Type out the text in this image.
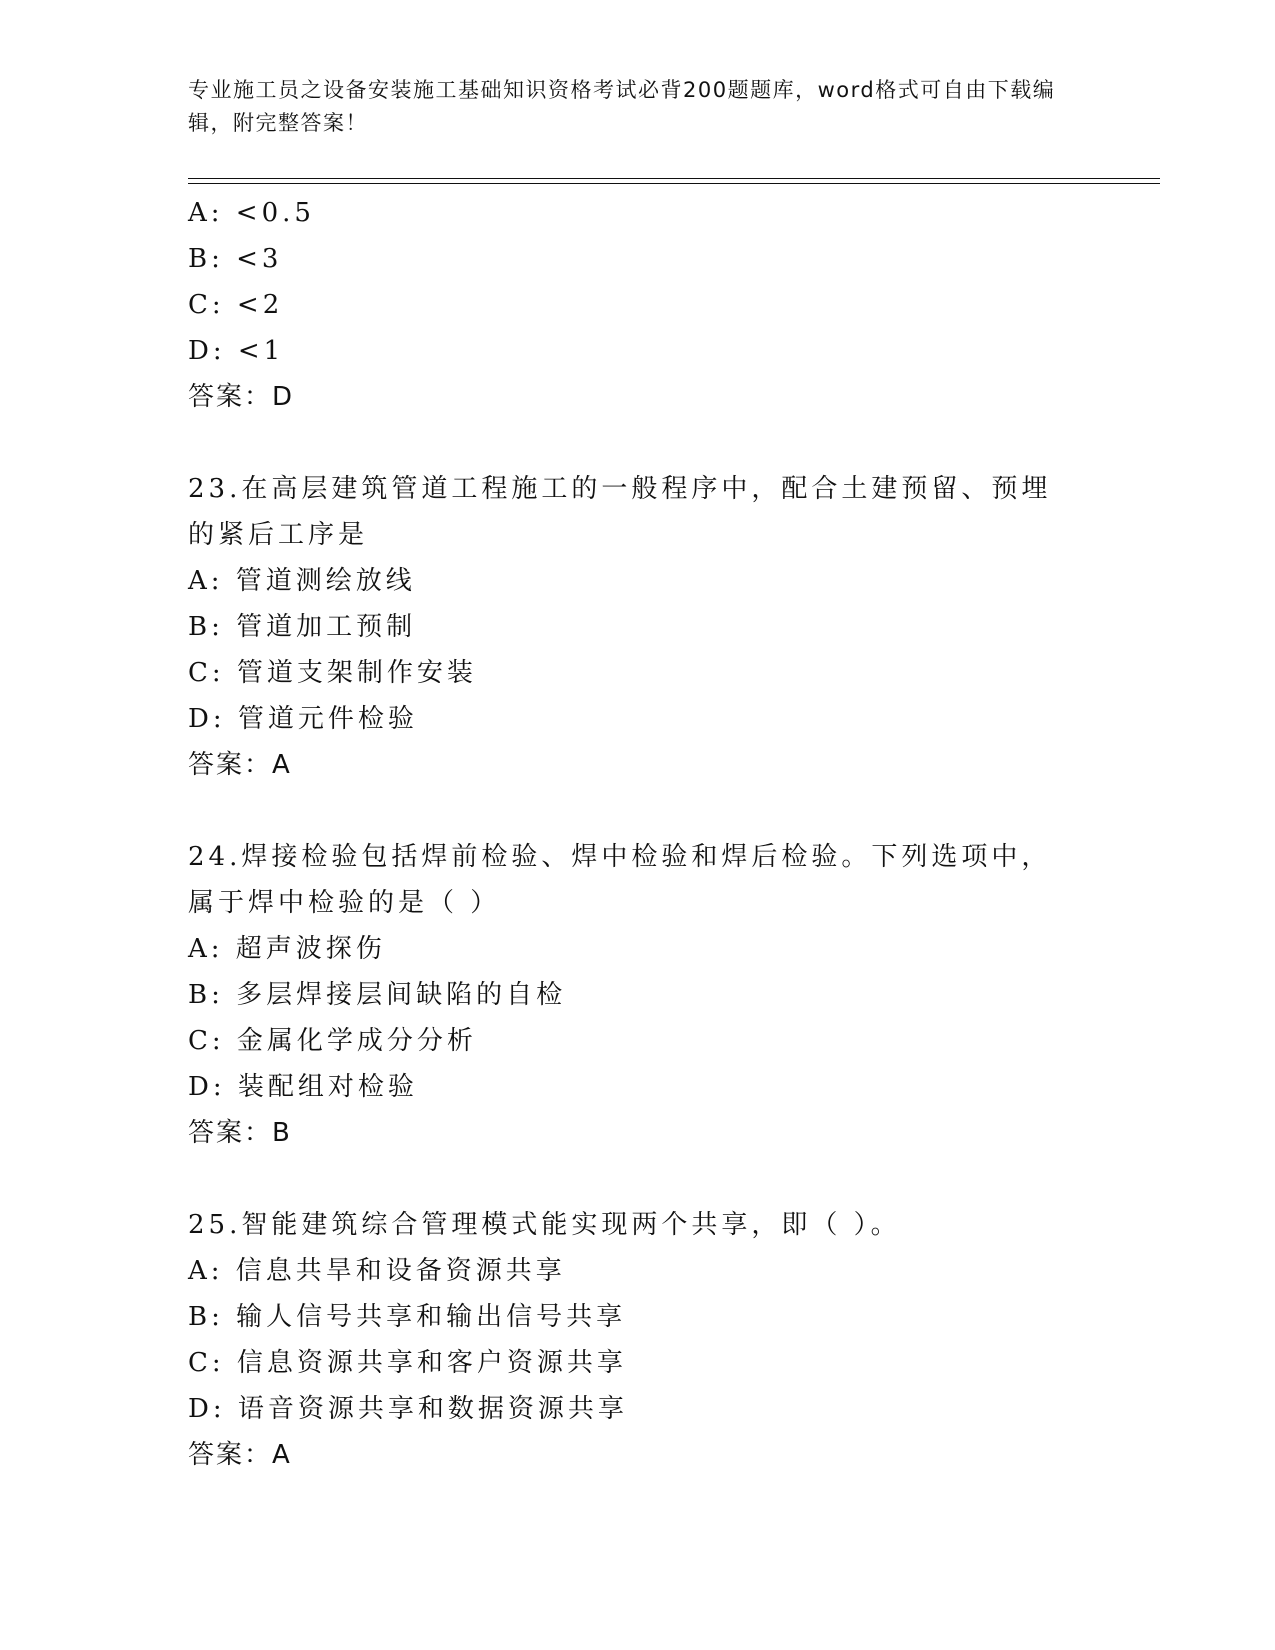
专业施工员之设备安装施工基础知识资格考试必背200题题库，word格式可自由下载编辑，附完整答案！
A: <0.5
B: <3
C: <2
D: <1
答案：D
23.在高层建筑管道工程施工的一般程序中，配合土建预留、预埋的紧后工序是
A: 管道测绘放线
B: 管道加工预制
C: 管道支架制作安装
D: 管道元件检验
答案：A
24.焊接检验包括焊前检验、焊中检验和焊后检验。下列选项中，属于焊中检验的是（ ）
A: 超声波探伤
B: 多层焊接层间缺陷的自检
C: 金属化学成分分析
D: 装配组对检验
答案：B
25.智能建筑综合管理模式能实现两个共享，即（ ）。
A: 信息共旱和设备资源共享
B: 输人信号共享和输出信号共享
C: 信息资源共享和客户资源共享
D: 语音资源共享和数据资源共享
答案：A
